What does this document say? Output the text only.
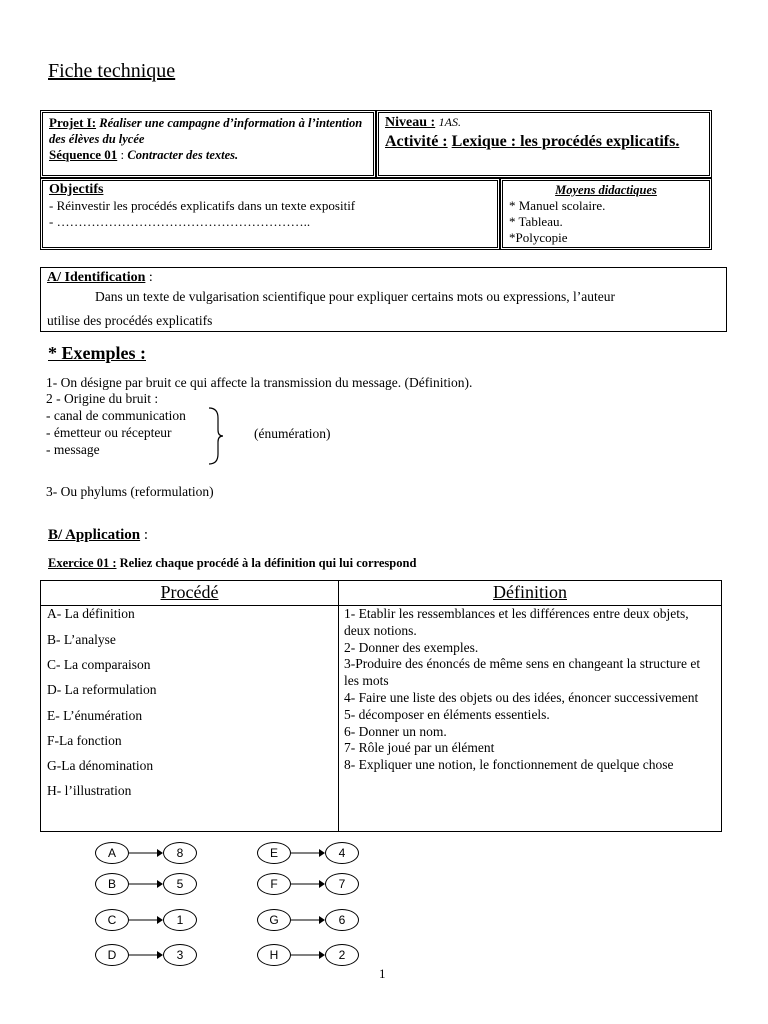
Fiche technique
Projet I: Réaliser une campagne d’information à l’intention des élèves du lycée
Séquence 01 : Contracter des textes.
Niveau : 1AS.
Activité : Lexique : les procédés explicatifs.
Objectifs
- Réinvestir les procédés explicatifs dans un texte expositif
- …………………………………………………..
Moyens didactiques
* Manuel scolaire.
* Tableau.
*Polycopie
A/ Identification :
Dans un texte de vulgarisation scientifique pour expliquer certains mots ou expressions, l’auteur
utilise des procédés explicatifs
* Exemples :
1- On désigne par bruit ce qui affecte la transmission du message. (Définition).
2 - Origine du bruit :
- canal de communication
- émetteur ou récepteur
- message
(énumération)
3- Ou phylums (reformulation)
B/ Application :
Exercice 01 : Reliez chaque procédé à la définition qui lui correspond
Procédé	Définition
A- La définition
B- L’analyse
C- La comparaison
D- La reformulation
E- L’énumération
F-La fonction
G-La dénomination
H- l’illustration
1- Etablir les ressemblances et les différences entre deux objets, deux notions.
2- Donner des exemples.
3-Produire des énoncés de même sens en changeant la structure et les mots
4- Faire une liste des objets ou des idées, énoncer successivement
5- décomposer en éléments essentiels.
6- Donner un nom.
7- Rôle joué par un élément
8- Expliquer une notion, le fonctionnement de quelque chose
A	8
B	5
C	1
D	3
E	4
F	7
G	6
H	2
1
